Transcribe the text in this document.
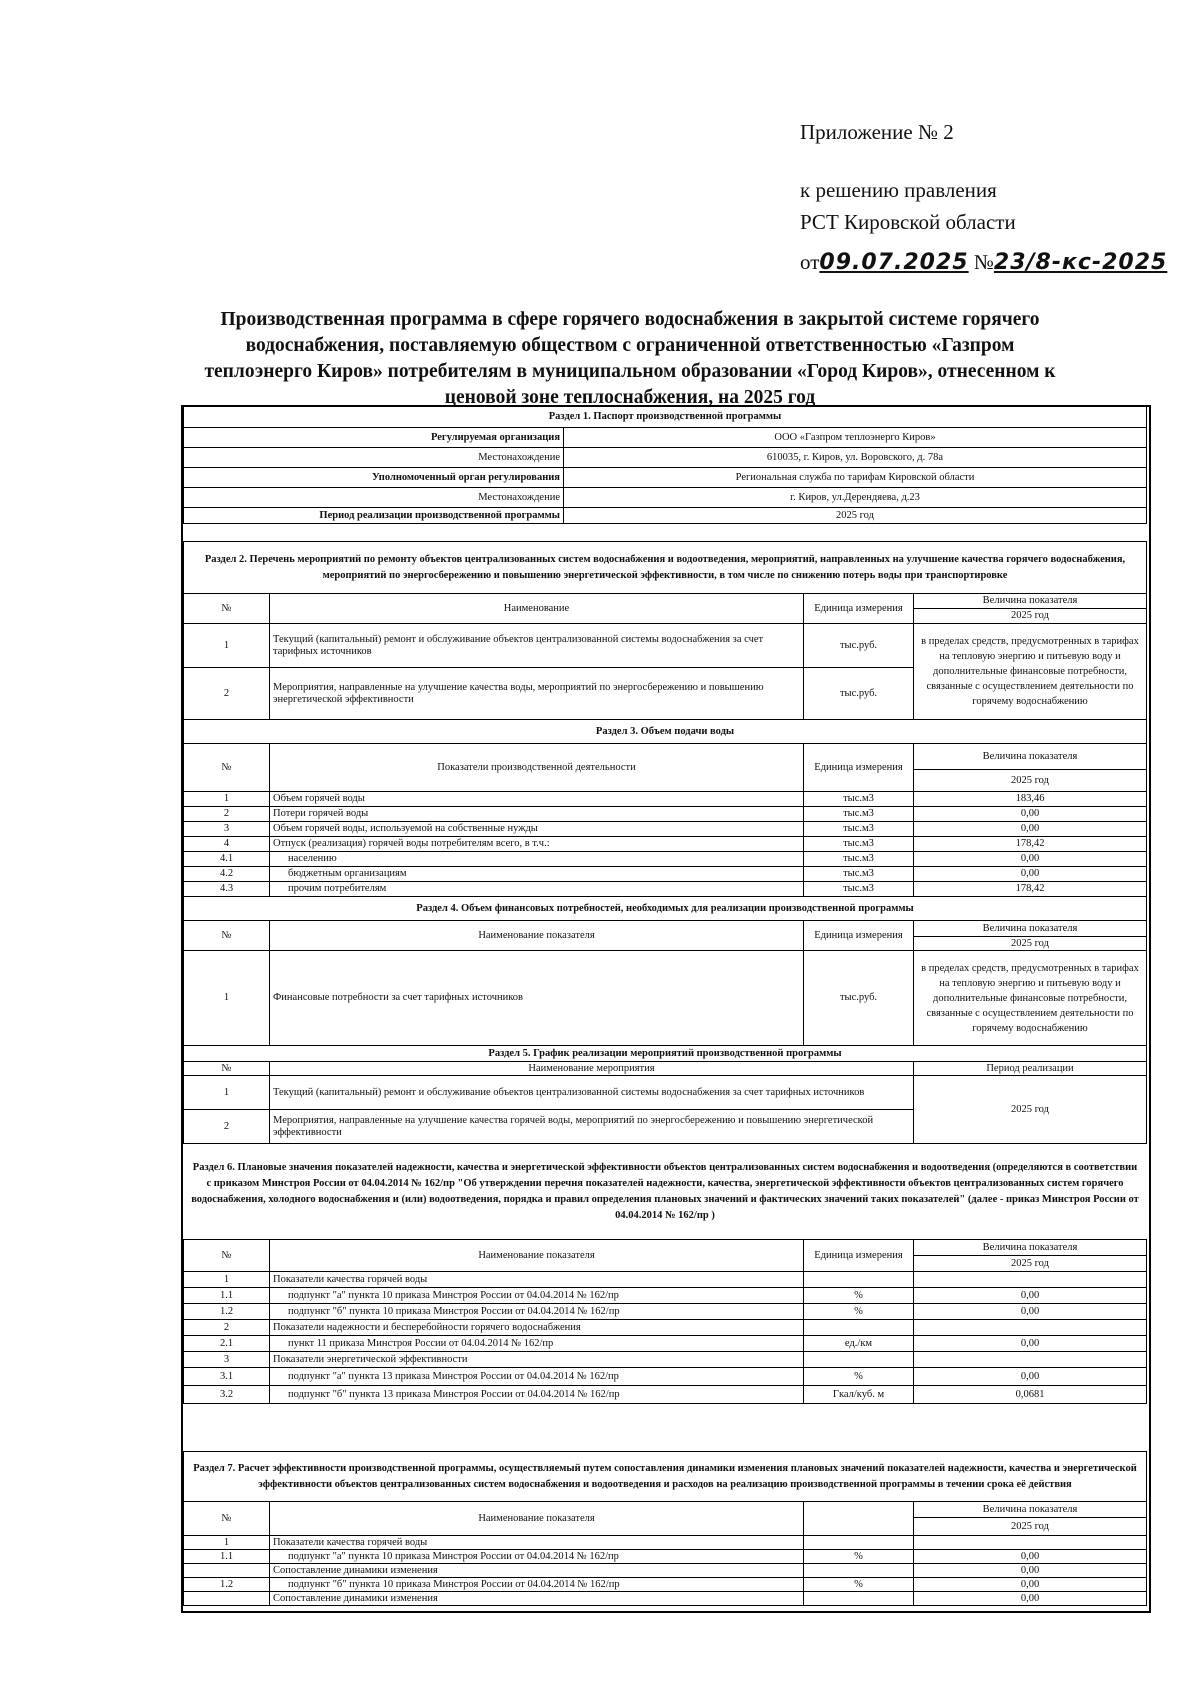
Приложение № 2
к решению правления
РСТ Кировской области
от09.07.2025 №23/8-кс-2025
Производственная программа в сфере горячего водоснабжения в закрытой системе горячего водоснабжения, поставляемую обществом с ограниченной ответственностью «Газпром теплоэнерго Киров» потребителям в муниципальном образовании «Город Киров», отнесенном к ценовой зоне теплоснабжения, на 2025 год
Раздел 1. Паспорт производственной программы	
Регулируемая организация	ООО «Газпром теплоэнерго Киров»
Местонахождение	610035, г. Киров, ул. Воровского, д. 78а
Уполномоченный орган регулирования	Региональная служба по тарифам Кировской области
Местонахождение	г. Киров, ул.Дерендяева, д.23
Период реализации производственной программы	2025 год
Раздел 2. Перечень мероприятий по ремонту объектов централизованных систем водоснабжения и водоотведения, мероприятий, направленных на улучшение качества горячего водоснабжения, мероприятий по энергосбережению и повышению энергетической эффективности, в том числе по снижению потерь воды при транспортировке			
№	Наименование	Единица измерения	Величина показателя
			2025 год
1	Текущий (капитальный) ремонт и обслуживание объектов централизованной системы водоснабжения за счет тарифных источников	тыс.руб.	в пределах средств, предусмотренных в тарифах на тепловую энергию и питьевую воду и дополнительные финансовые потребности, связанные с осуществлением деятельности по горячему водоснабжению
2	Мероприятия, направленные на улучшение качества воды, мероприятий по энергосбережению и повышению энергетической эффективности	тыс.руб.	
Раздел 3. Объем подачи воды			
№	Показатели производственной деятельности	Единица измерения	Величина показателя
			2025 год
1	Объем горячей воды	тыс.м3	183,46
2	Потери горячей воды	тыс.м3	0,00
3	Объем горячей воды, используемой на собственные нужды	тыс.м3	0,00
4	Отпуск (реализация) горячей воды потребителям всего, в т.ч.:	тыс.м3	178,42
4.1	населению	тыс.м3	0,00
4.2	бюджетным организациям	тыс.м3	0,00
4.3	прочим потребителям	тыс.м3	178,42
Раздел 4. Объем финансовых потребностей, необходимых для реализации производственной программы			
№	Наименование показателя	Единица измерения	Величина показателя
			2025 год
1	Финансовые потребности за счет тарифных источников	тыс.руб.	в пределах средств, предусмотренных в тарифах на тепловую энергию и питьевую воду и дополнительные финансовые потребности, связанные с осуществлением деятельности по горячему водоснабжению
Раздел 5. График реализации мероприятий производственной программы		
№	Наименование мероприятия	Период реализации
1	Текущий (капитальный) ремонт и обслуживание объектов централизованной системы водоснабжения за счет тарифных источников	2025 год
2	Мероприятия, направленные на улучшение качества горячей воды, мероприятий по энергосбережению и повышению энергетической эффективности	
Раздел 6. Плановые значения показателей надежности, качества и энергетической эффективности объектов централизованных систем водоснабжения и водоотведения (определяются в соответствии с приказом Минстроя России от 04.04.2014 № 162/пр "Об утверждении перечня показателей надежности, качества, энергетической эффективности объектов централизованных систем горячего водоснабжения, холодного водоснабжения и (или) водоотведения, порядка и правил определения плановых значений и фактических значений таких показателей" (далее - приказ Минстроя России от 04.04.2014 № 162/пр )			
№	Наименование показателя	Единица измерения	Величина показателя
			2025 год
1	Показатели качества горячей воды		
1.1	подпункт "а" пункта 10 приказа Минстроя России от 04.04.2014 № 162/пр	%	0,00
1.2	подпункт "б" пункта 10 приказа Минстроя России от 04.04.2014 № 162/пр	%	0,00
2	Показатели надежности и бесперебойности горячего водоснабжения		
2.1	пункт 11 приказа Минстроя России от 04.04.2014 № 162/пр	ед./км	0,00
3	Показатели энергетической эффективности		
3.1	подпункт "а" пункта 13 приказа Минстроя России от 04.04.2014 № 162/пр	%	0,00
3.2	подпункт "б" пункта 13 приказа Минстроя России от 04.04.2014 № 162/пр	Гкал/куб. м	0,0681
Раздел 7. Расчет эффективности производственной программы, осуществляемый путем сопоставления динамики изменения плановых значений показателей надежности, качества и энергетической эффективности объектов централизованных систем водоснабжения и водоотведения и расходов на реализацию производственной программы в течении срока её действия			
№	Наименование показателя		Величина показателя
			2025 год
1	Показатели качества горячей воды		
1.1	подпункт "а" пункта 10 приказа Минстроя России от 04.04.2014 № 162/пр	%	0,00
	Сопоставление динамики изменения		0,00
1.2	подпункт "б" пункта 10 приказа Минстроя России от 04.04.2014 № 162/пр	%	0,00
	Сопоставление динамики изменения		0,00
